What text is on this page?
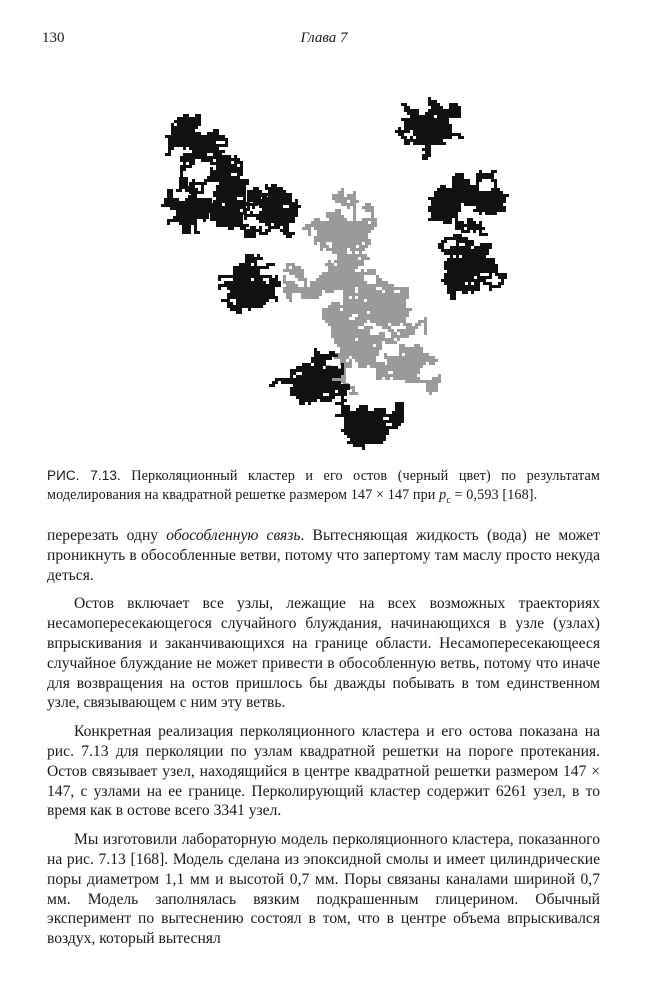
130	Глава 7
РИС. 7.13. Перколяционный кластер и его остов (черный цвет) по результатам моделирования на квадратной решетке размером 147 × 147 при $p_c = 0,593$ [168].

перерезать одну обособленную связь. Вытесняющая жидкость (вода) не может проникнуть в обособленные ветви, потому что запертому там маслу просто некуда деться.

Остов включает все узлы, лежащие на всех возможных траекториях несамопересекающегося случайного блуждания, начинающихся в узле (узлах) впрыскивания и заканчивающихся на границе области. Несамопересекающееся случайное блуждание не может привести в обособленную ветвь, потому что иначе для возвращения на остов пришлось бы дважды побывать в том единственном узле, связывающем с ним эту ветвь.

Конкретная реализация перколяционного кластера и его остова показана на рис. 7.13 для перколяции по узлам квадратной решетки на пороге протекания. Остов связывает узел, находящийся в центре квадратной решетки размером 147 × 147, с узлами на ее границе. Перколирующий кластер содержит 6261 узел, в то время как в остове всего 3341 узел.

Мы изготовили лабораторную модель перколяционного кластера, показанного на рис. 7.13 [168]. Модель сделана из эпоксидной смолы и имеет цилиндрические поры диаметром 1,1 мм и высотой 0,7 мм. Поры связаны каналами шириной 0,7 мм. Модель заполнялась вязким подкрашенным глицерином. Обычный эксперимент по вытеснению состоял в том, что в центре объема впрыскивался воздух, который вытеснял
